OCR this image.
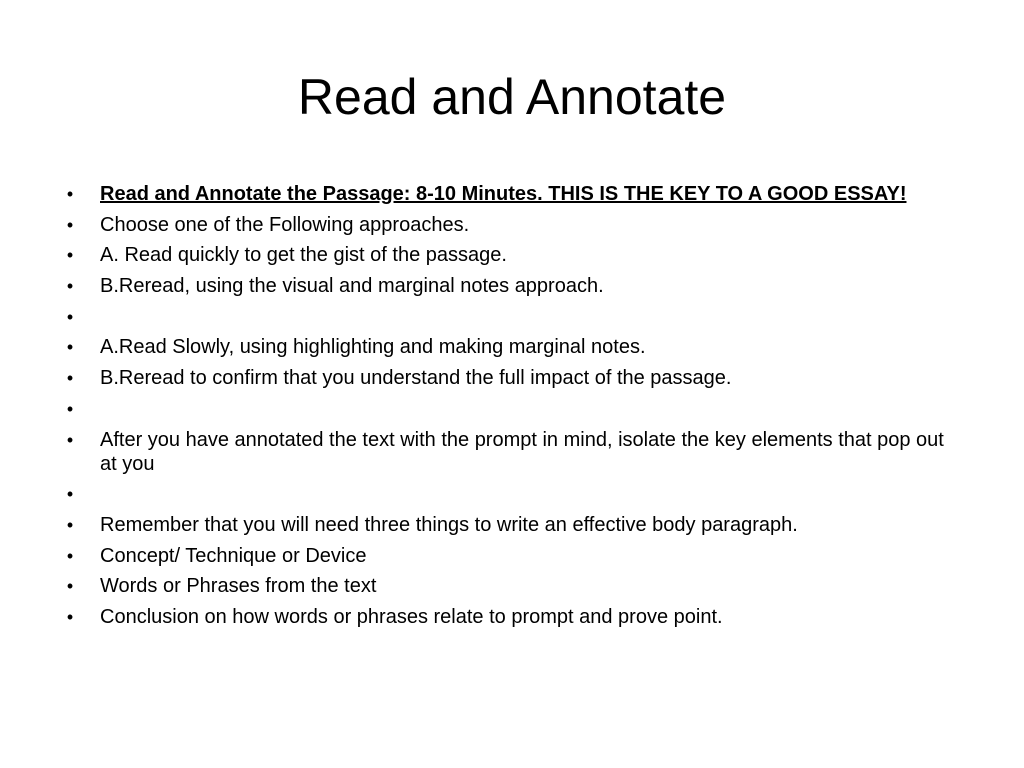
Read and Annotate
•	Read and Annotate the Passage: 8-10 Minutes. THIS IS THE KEY TO A GOOD ESSAY!
•	Choose one of the Following approaches.
•	A. Read quickly to get the gist of the passage.
•	B.Reread, using the visual and marginal notes approach.
•
•	A.Read Slowly, using highlighting and making marginal notes.
•	B.Reread to confirm that you understand the full impact of the passage.
•
•	After you have annotated the text with the prompt in mind, isolate the key elements that pop out at you
•
•	Remember that you will need three things to write an effective body paragraph.
•	Concept/ Technique or Device
•	Words or Phrases from the text
•	Conclusion on how words or phrases relate to prompt and prove point.
